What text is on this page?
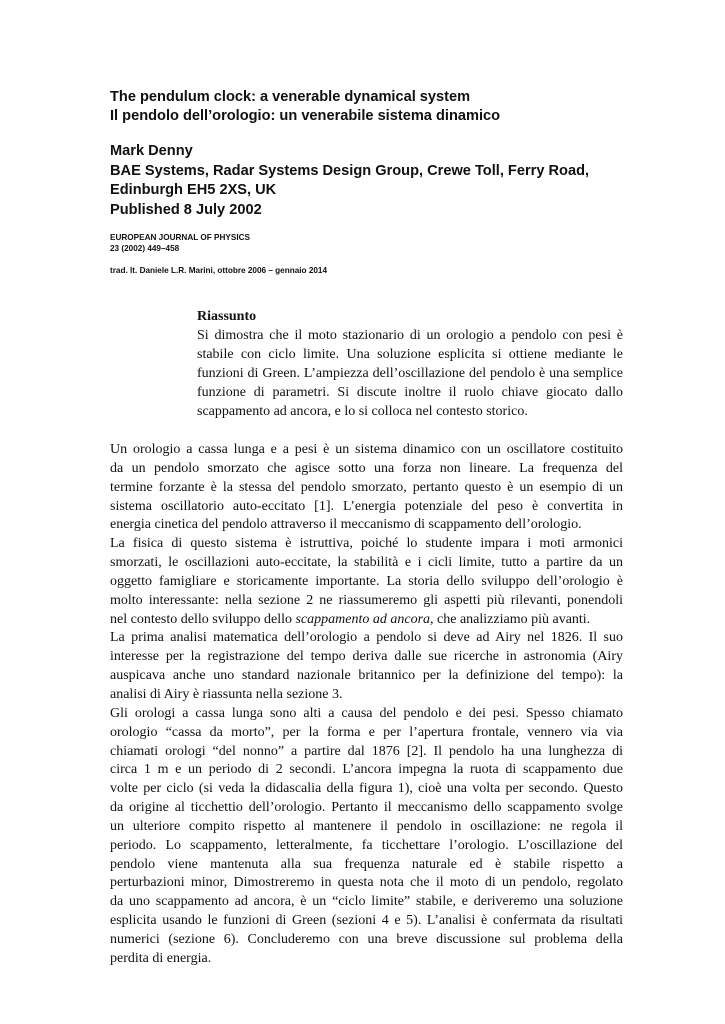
The pendulum clock: a venerable dynamical system
Il pendolo dell’orologio: un venerabile sistema dinamico
Mark Denny
BAE Systems, Radar Systems Design Group, Crewe Toll, Ferry Road,
Edinburgh EH5 2XS, UK
Published 8 July 2002
EUROPEAN JOURNAL OF PHYSICS
23 (2002) 449–458
trad. It. Daniele L.R. Marini, ottobre 2006 – gennaio 2014
Riassunto
Si dimostra che il moto stazionario di un orologio a pendolo con pesi è stabile con ciclo limite. Una soluzione esplicita si ottiene mediante le funzioni di Green. L’ampiezza dell’oscillazione del pendolo è una semplice funzione di parametri. Si discute inoltre il ruolo chiave giocato dallo scappamento ad ancora, e lo si colloca nel contesto storico.

Un orologio a cassa lunga e a pesi è un sistema dinamico con un oscillatore costituito
da un pendolo smorzato che agisce sotto una forza non lineare. La frequenza del
termine forzante è la stessa del pendolo smorzato, pertanto questo è un esempio di un
sistema oscillatorio auto-eccitato [1]. L’energia potenziale del peso è convertita in
energia cinetica del pendolo attraverso il meccanismo di scappamento dell’orologio.

La fisica di questo sistema è istruttiva, poiché lo studente impara i moti armonici
smorzati, le oscillazioni auto-eccitate, la stabilità e i cicli limite, tutto a partire da un
oggetto famigliare e storicamente importante. La storia dello sviluppo dell’orologio è
molto interessante: nella sezione 2 ne riassumeremo gli aspetti più rilevanti, ponendoli
nel contesto dello sviluppo dello scappamento ad ancora, che analizziamo più avanti.

La prima analisi matematica dell’orologio a pendolo si deve ad Airy nel 1826. Il suo
interesse per la registrazione del tempo deriva dalle sue ricerche in astronomia (Airy
auspicava anche uno standard nazionale britannico per la definizione del tempo): la
analisi di Airy è riassunta nella sezione 3.

Gli orologi a cassa lunga sono alti a causa del pendolo e dei pesi. Spesso chiamato
orologio “cassa da morto”, per la forma e per l’apertura frontale, vennero via via
chiamati orologi “del nonno” a partire dal 1876 [2]. Il pendolo ha una lunghezza di
circa 1 m e un periodo di 2 secondi. L’ancora impegna la ruota di scappamento due
volte per ciclo (si veda la didascalia della figura 1), cioè una volta per secondo. Questo
da origine al ticchettio dell’orologio. Pertanto il meccanismo dello scappamento svolge
un ulteriore compito rispetto al mantenere il pendolo in oscillazione: ne regola il
periodo. Lo scappamento, letteralmente, fa ticchettare l’orologio. L’oscillazione del
pendolo viene mantenuta alla sua frequenza naturale ed è stabile rispetto a
perturbazioni minor, Dimostreremo in questa nota che il moto di un pendolo, regolato
da uno scappamento ad ancora, è un “ciclo limite” stabile, e deriveremo una soluzione
esplicita usando le funzioni di Green (sezioni 4 e 5). L’analisi è confermata da risultati
numerici (sezione 6). Concluderemo con una breve discussione sul problema della
perdita di energia.
